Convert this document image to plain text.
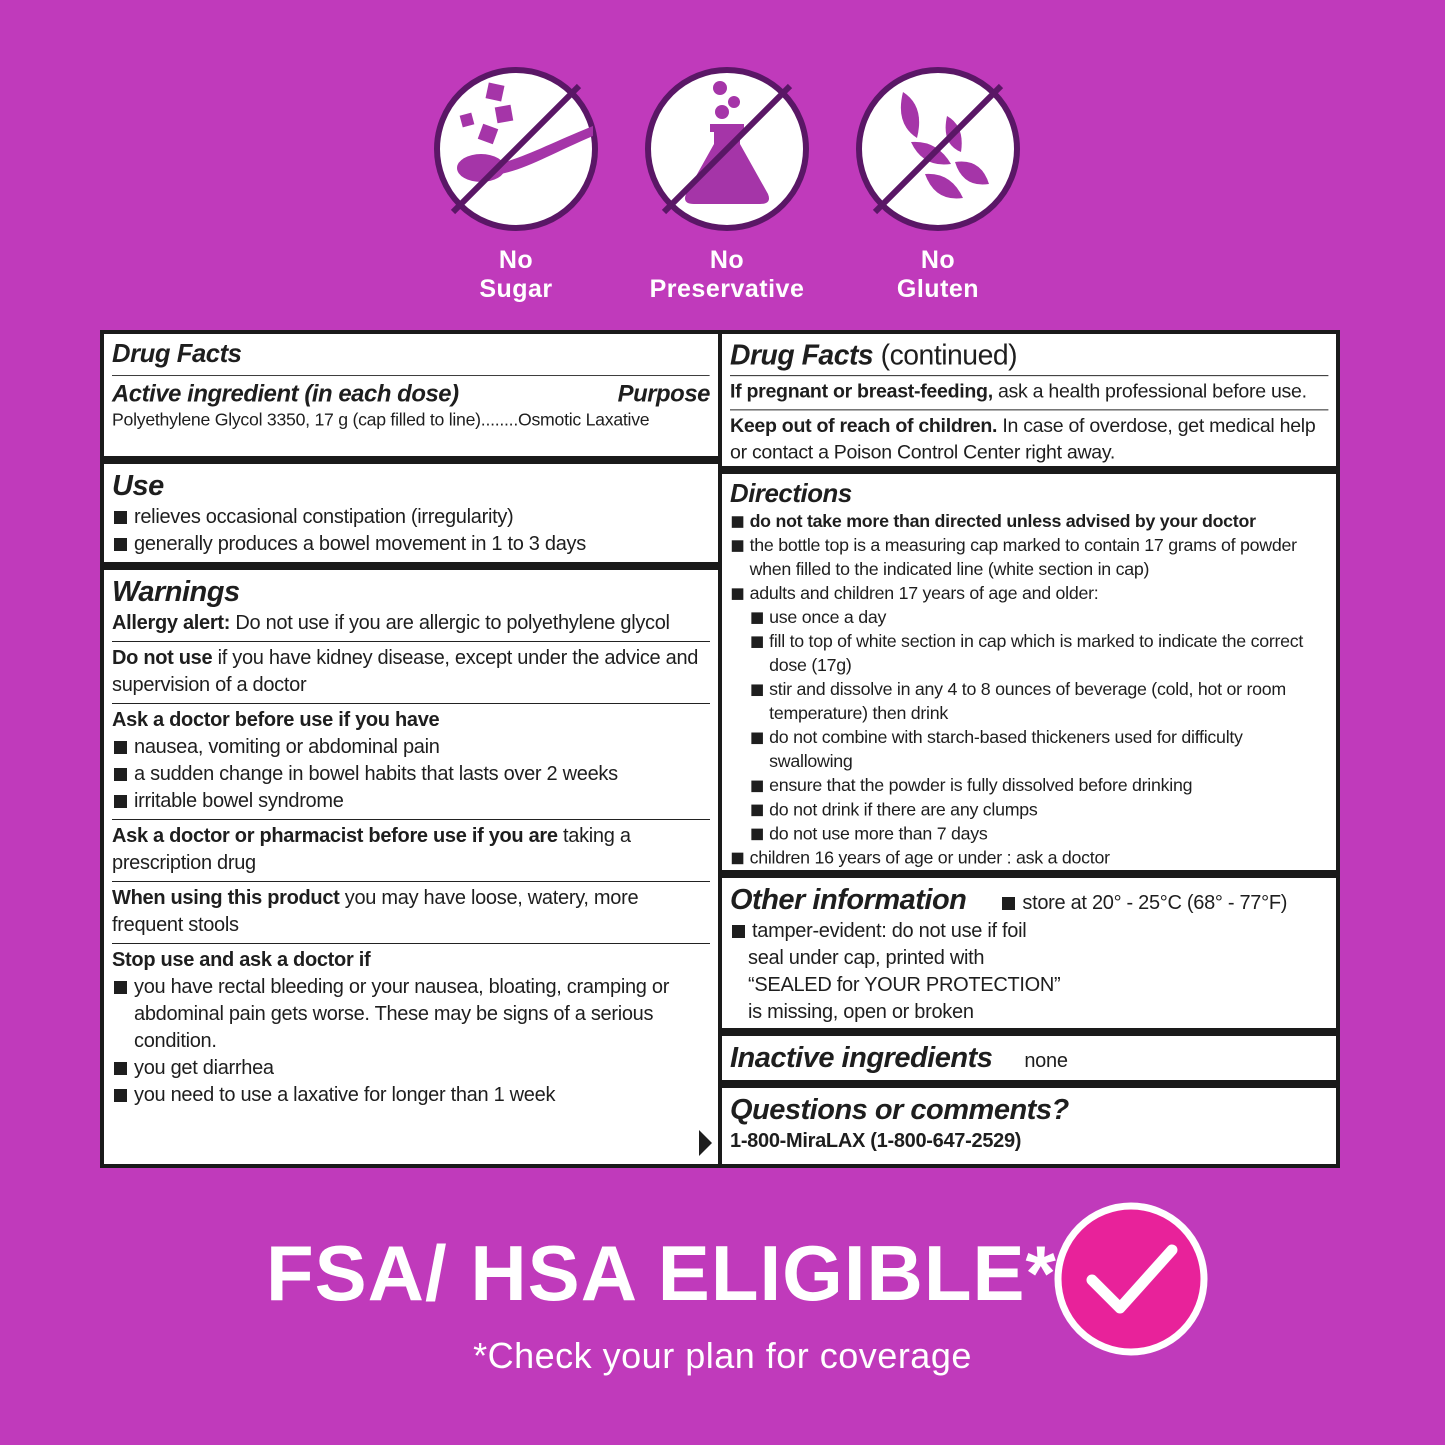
No
Sugar
No
Preservative
No
Gluten
Drug Facts
Active ingredient (in each dose)	Purpose
Polyethylene Glycol 3350, 17 g (cap filled to line)........Osmotic Laxative
Use
relieves occasional constipation (irregularity)
generally produces a bowel movement in 1 to 3 days
Warnings
Allergy alert: Do not use if you are allergic to polyethylene glycol
Do not use if you have kidney disease, except under the advice and supervision of a doctor
Ask a doctor before use if you have
nausea, vomiting or abdominal pain
a sudden change in bowel habits that lasts over 2 weeks
irritable bowel syndrome
Ask a doctor or pharmacist before use if you are taking a prescription drug
When using this product you may have loose, watery, more frequent stools
Stop use and ask a doctor if
you have rectal bleeding or your nausea, bloating, cramping or abdominal pain gets worse. These may be signs of a serious condition.
you get diarrhea
you need to use a laxative for longer than 1 week
Drug Facts (continued)
If pregnant or breast-feeding, ask a health professional before use.
Keep out of reach of children. In case of overdose, get medical help or contact a Poison Control Center right away.
Directions
do not take more than directed unless advised by your doctor
the bottle top is a measuring cap marked to contain 17 grams of powder when filled to the indicated line (white section in cap)
adults and children 17 years of age and older:
use once a day
fill to top of white section in cap which is marked to indicate the correct dose (17g)
stir and dissolve in any 4 to 8 ounces of beverage (cold, hot or room temperature) then drink
do not combine with starch-based thickeners used for difficulty swallowing
ensure that the powder is fully dissolved before drinking
do not drink if there are any clumps
do not use more than 7 days
children 16 years of age or under : ask a doctor
Other information	store at 20° - 25°C (68° - 77°F)
tamper-evident: do not use if foil
seal under cap, printed with
“SEALED for YOUR PROTECTION”
is missing, open or broken
Inactive ingredients none
Questions or comments?
1-800-MiraLAX (1-800-647-2529)
FSA/ HSA ELIGIBLE*
*Check your plan for coverage
